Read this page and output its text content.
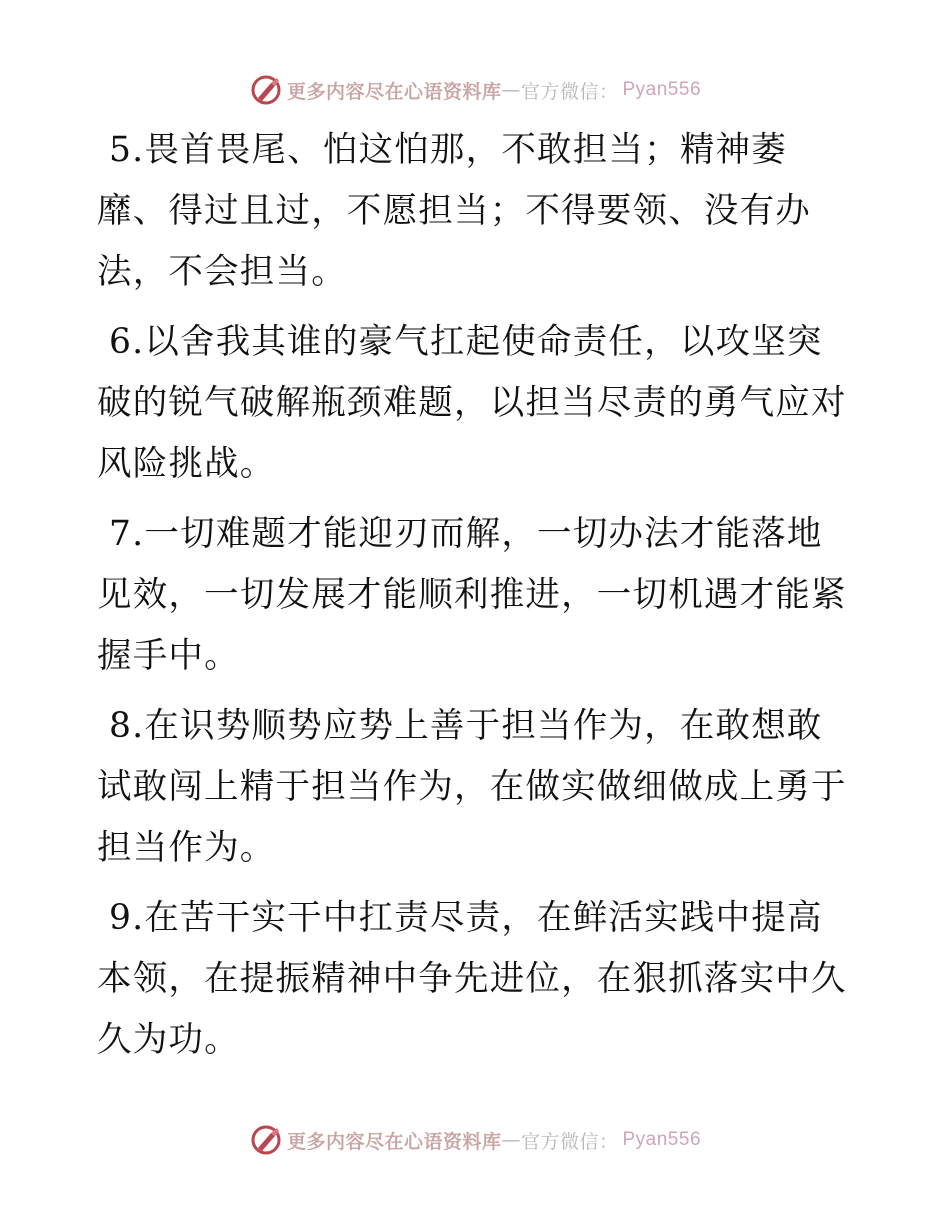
更多内容尽在心语资料库 — 官方微信： Pyan556

5.畏首畏尾、怕这怕那，不敢担当；精神萎靡、得过且过，不愿担当；不得要领、没有办法，不会担当。

6.以舍我其谁的豪气扛起使命责任，以攻坚突破的锐气破解瓶颈难题，以担当尽责的勇气应对风险挑战。

7.一切难题才能迎刃而解，一切办法才能落地见效，一切发展才能顺利推进，一切机遇才能紧握手中。

8.在识势顺势应势上善于担当作为，在敢想敢试敢闯上精于担当作为，在做实做细做成上勇于担当作为。

9.在苦干实干中扛责尽责，在鲜活实践中提高本领，在提振精神中争先进位，在狠抓落实中久久为功。

更多内容尽在心语资料库 — 官方微信： Pyan556
